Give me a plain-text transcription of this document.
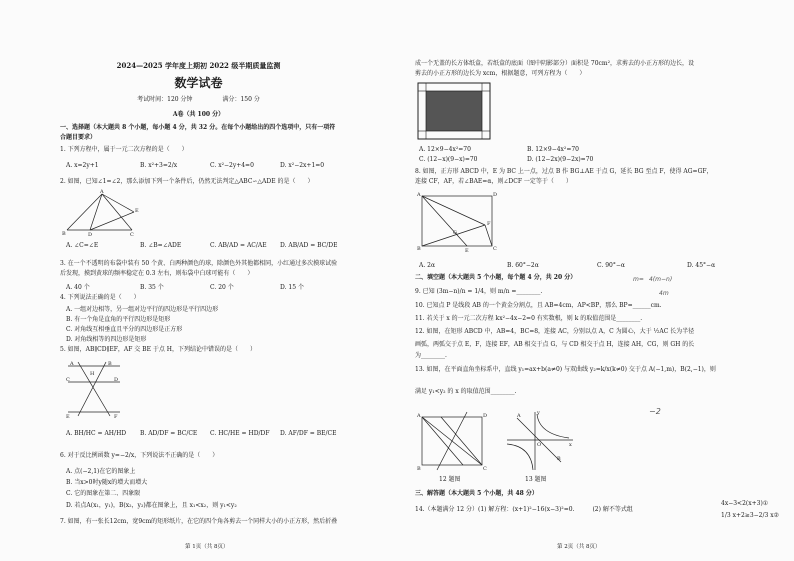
2024—2025 学年度上期初 2022 级半期质量监测
数学试卷
考试时间：120 分钟　　　　　满分：150 分
A卷（共 100 分）
一、选择题（本大题共 8 个小题，每小题 4 分，共 32 分。在每个小题给出的四个选项中，只有一项符
合题目要求）
1. 下列方程中，属于一元二次方程的是（　　）
A. x=2y+1	B. x²+3=2/x	C. x²−2y+4=0	D. x²−2x+1=0
2. 如图，已知∠1=∠2，那么添加下列一个条件后，仍然无法判定△ABC∽△ADE 的是（　　）
A
B	D	C
E
A. ∠C=∠E	B. ∠B=∠ADE	C. AB/AD = AC/AE D. AB/AD = BC/DE
3. 在一个不透明的布袋中装有 50 个黄、白两种颜色的球，除颜色外其他都相同，小红通过多次摸球试验
后发现，摸到黄球的频率稳定在 0.3 左右，则布袋中白球可能有（　　）
A. 40 个	B. 35 个	C. 20 个	D. 15 个
4. 下列说法正确的是（　　）
A. 一组对边相等，另一组对边平行的四边形是平行四边形
B. 有一个角是直角的平行四边形是矩形
C. 对角线互相垂直且平分的四边形是正方形
D. 对角线相等的四边形是矩形
5. 如图，AB∥CD∥EF，AF 交 BE 于点 H，下列结论中错误的是（　　）
A	B
H
C	D
E	F
A. BH/HC = AH/HD B. AD/DF = BC/CE C. HC/HE = HD/DF D. AF/DF = BE/CE
6. 对于反比例函数 y=−2/x，下列说法不正确的是（　　）
A. 点(−2,1)在它的图象上
B. 当x>0时y随x的增大而增大
C. 它的图象在第二、四象限
D. 若点A(x₁，y₁)，B(x₂，y₂)都在图象上，且 x₁<x₂，则 y₁<y₂
7. 如图，有一张长12cm，宽9cm的矩形纸片，在它的四个角各剪去一个同样大小的小正方形，然后折叠
第 1页（共 8页）
成一个无盖的长方体纸盒，若纸盒的底面（图中阴影部分）面积是 70cm²，求剪去的小正方形的边长，设
剪去的小正方形的边长为 xcm，根据题意，可列方程为（　　）
A. 12×9−4x²=70	B. 12×9−4x²=70
C. (12−x)(9−x)=70	D. (12−2x)(9−2x)=70
8. 如图，正方形 ABCD 中，E 为 BC 上一点，过点 B 作 BG⊥AE 于点 G，延长 BG 至点 F，使得 AG=GF，
连接 CF，AF，若∠BAE=α，则∠DCF 一定等于（　　）
A	D
B	E	C
F
G
A. 2α	B. 60°−2α	C. 90°−α	D. 45°−α
二、填空题（本大题共 5 个小题，每个题 4 分，共 20 分）
9. 已知 (3m−n)/n = 1/4，则 m/n =________.
10. 已知点 P 是线段 AB 的一个黄金分割点，且 AB=4cm，AP<BP，那么 BP=______cm.
11. 若关于 x 的一元二次方程 kx²−4x−2=0 有实数根，则 k 的取值范围是________.
12. 如图，在矩形 ABCD 中，AB=4，BC=8，连接 AC，分别以点 A，C 为圆心，大于 ½AC 长为半径
画弧，两弧交于点 E，F，连接 EF，AB 相交于点 G，与 CD 相交于点 H，连接 AH，CG，则 GH 的长
为________.
13. 如图，在平面直角坐标系中，直线 y₁=ax+b(a≠0) 与双曲线 y₂=k/x(k≠0) 交于点 A(−1,m)，B(2,−1)，则
满足 y₁<y₂ 的 x 的取值范围________.
m= 4(m−n)
4m
−2
A	D
B	C
12 题图
A
B
O	x
y
13 题图
三、解答题（本大题共 5 个小题，共 48 分）
14.（本题满分 12 分）(1) 解方程：(x+1)²−16(x−3)²=0.　　　(2) 解不等式组
4x−3<2(x+3)①
1/3 x+2≥3−2/3 x②
第 2页（共 8页）
